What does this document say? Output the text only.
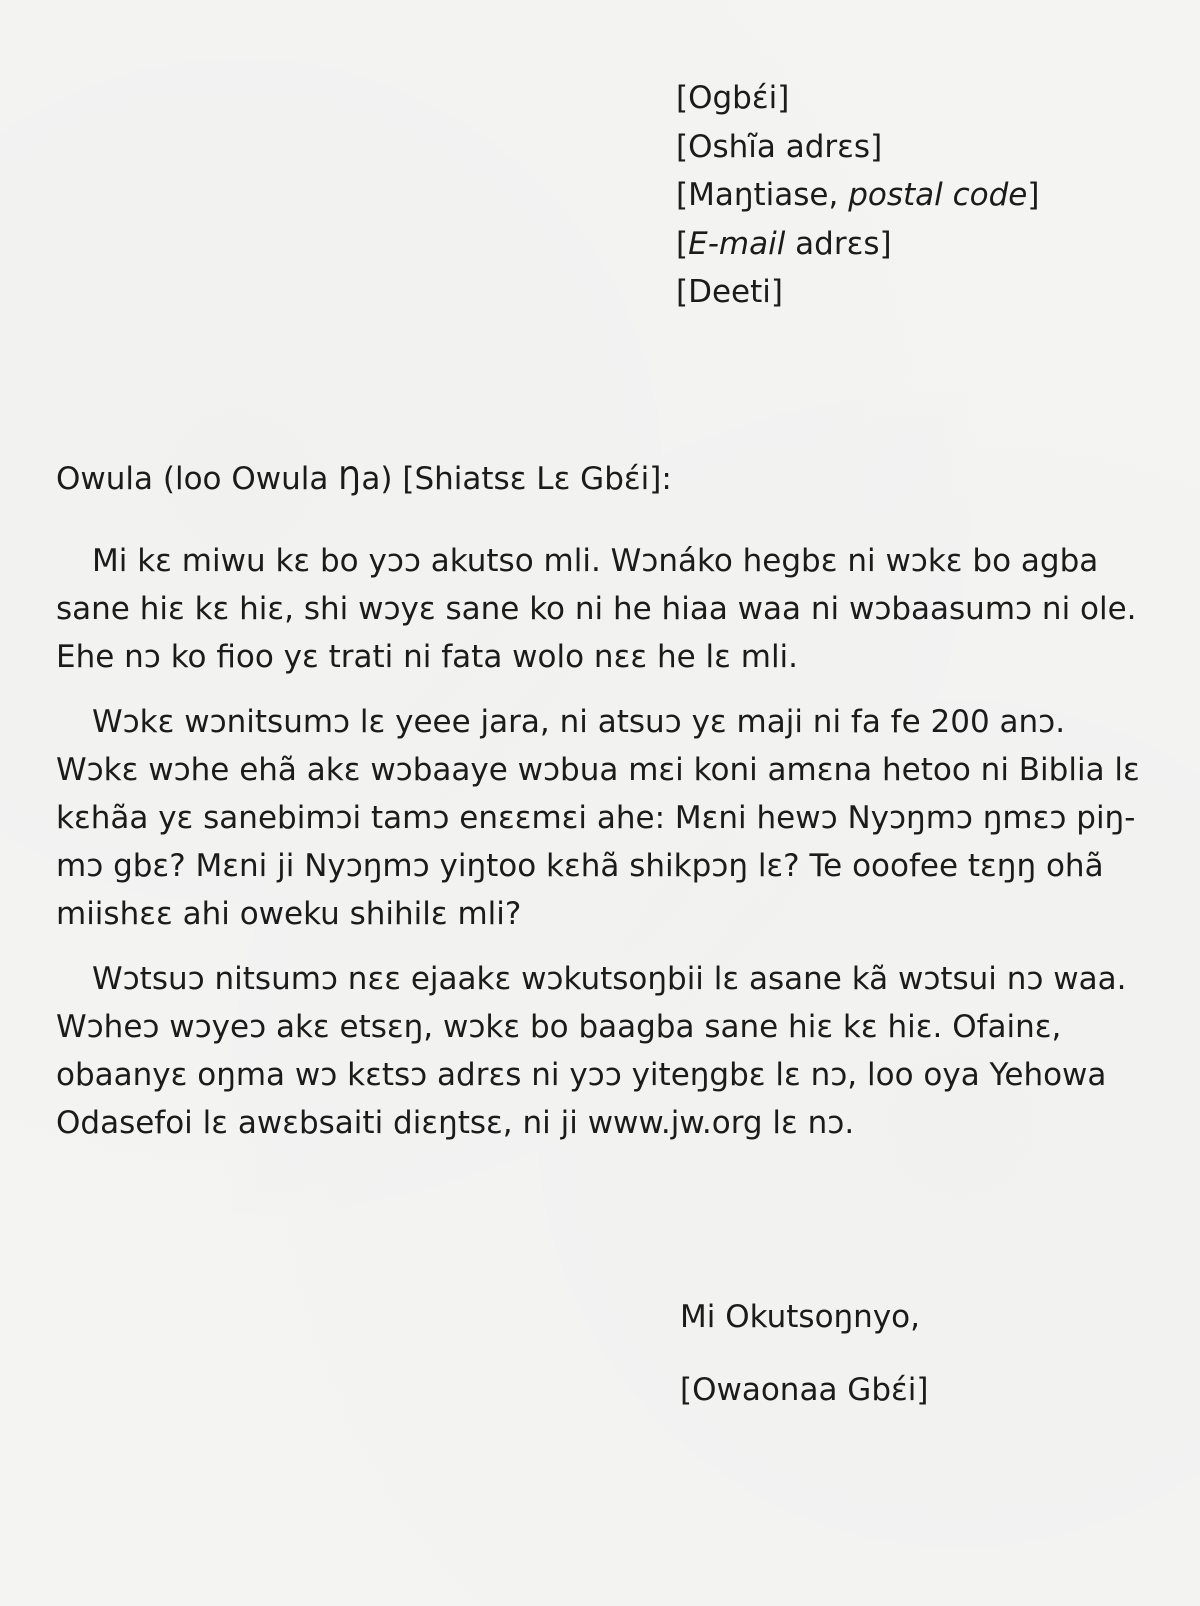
[Ogbɛ́i]
[Oshĩa adrɛs]
[Maŋtiase, postal code]
[E-mail adrɛs]
[Deeti]
Owula (loo Owula Ŋa) [Shiatsɛ Lɛ Gbɛ́i]:
Mi kɛ miwu kɛ bo yɔɔ akutso mli. Wɔnáko hegbɛ ni wɔkɛ bo agba
sane hiɛ kɛ hiɛ, shi wɔyɛ sane ko ni he hiaa waa ni wɔbaasumɔ ni ole.
Ehe nɔ ko fioo yɛ trati ni fata wolo nɛɛ he lɛ mli.
Wɔkɛ wɔnitsumɔ lɛ yeee jara, ni atsuɔ yɛ maji ni fa fe 200 anɔ.
Wɔkɛ wɔhe ehã akɛ wɔbaaye wɔbua mɛi koni amɛna hetoo ni Biblia lɛ
kɛhãa yɛ sanebimɔi tamɔ enɛɛmɛi ahe: Mɛni hewɔ Nyɔŋmɔ ŋmɛɔ piŋ-
mɔ gbɛ? Mɛni ji Nyɔŋmɔ yiŋtoo kɛhã shikpɔŋ lɛ? Te ooofee tɛŋŋ ohã
miishɛɛ ahi oweku shihilɛ mli?
Wɔtsuɔ nitsumɔ nɛɛ ejaakɛ wɔkutsoŋbii lɛ asane kã wɔtsui nɔ waa.
Wɔheɔ wɔyeɔ akɛ etsɛŋ, wɔkɛ bo baagba sane hiɛ kɛ hiɛ. Ofainɛ,
obaanyɛ oŋma wɔ kɛtsɔ adrɛs ni yɔɔ yiteŋgbɛ lɛ nɔ, loo oya Yehowa
Odasefoi lɛ awɛbsaiti diɛŋtsɛ, ni ji www.jw.org lɛ nɔ.
Mi Okutsoŋnyo,
[Owaonaa Gbɛ́i]
